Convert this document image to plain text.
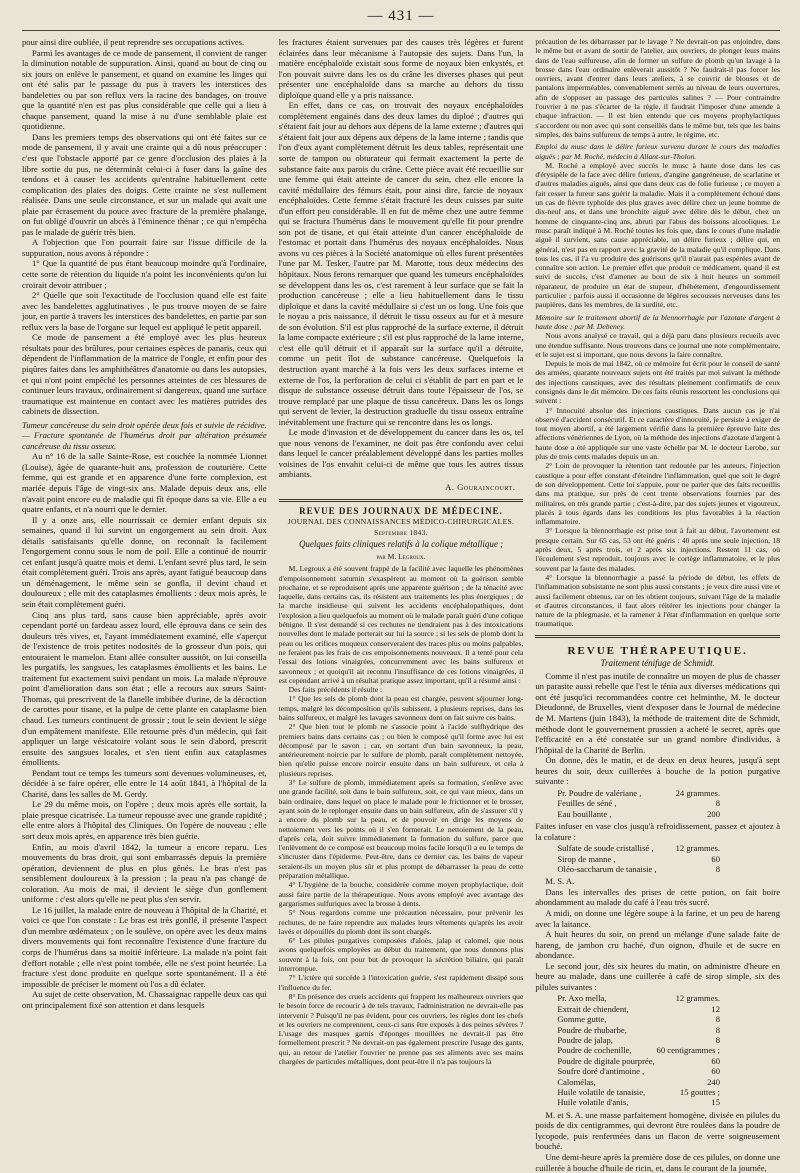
— 431 —

pour ainsi dire oubliée, il peut reprendre ses occupations actives.

Parmi les avantages de ce mode de pansement, il convient de ranger la diminution notable de suppuration. Ainsi, quand au bout de cinq ou six jours on enlève le pansement, et quand on examine les linges qui ont été salis par le passage du pus à travers les interstices des bandelettes ou par son reflux vers la racine des bandages, on trouve que la quantité n'en est pas plus considérable que celle qui a lieu à chaque pansement, quand la mise à nu d'une semblable plaie est quotidienne.

Dans les premiers temps des observations qui ont été faites sur ce mode de pansement, il y avait une crainte qui a dû nous préoccuper : c'est que l'obstacle apporté par ce genre d'occlusion des plaies à la libre sortie du pus, ne déterminât celui-ci à fuser dans la gaîne des tendons et à causer les accidents qu'entraîne habituellement cette complication des plaies des doigts. Cette crainte ne s'est nullement réalisée. Dans une seule circonstance, et sur un malade qui avait une plaie par écrasement du pouce avec fracture de la première phalange, on fut obligé d'ouvrir un abcès à l'éminence thénar ; ce qui n'empêcha pas le malade de guérir très bien.

A l'objection que l'on pourrait faire sur l'issue difficile de la suppuration, nous avons à répondre :

1° Que la quantité de pus étant beaucoup moindre qu'à l'ordinaire, cette sorte de rétention du liquide n'a point les inconvénients qu'on lui croirait devoir attribuer ;

2° Quelle que soit l'exactitude de l'occlusion quand elle est faite avec les bandelettes agglutinatives , le pus trouve moyen de se faire jour, en partie à travers les interstices des bandelettes, en partie par son reflux vers la base de l'organe sur lequel est appliqué le petit appareil.

Ce mode de pansement a été employé avec les plus heureux résultats pour des brûlures, pour certaines espèces de panaris, ceux qui dépendent de l'inflammation de la matrice de l'ongle, et enfin pour des piqûres faites dans les amphithéâtres d'anatomie ou dans les autopsies, et qui n'ont point empêché les personnes atteintes de ces blessures de continuer leurs travaux, ordinairement si dangereux, quand une surface traumatique est maintenue en contact avec les matières putrides des cabinets de dissection.

Tumeur cancéreuse du sein droit opérée deux fois et suivie de récidive. — Fracture spontanée de l'humérus droit par altération présumée cancéreuse du tissu osseux.

Au n° 16 de la salle Sainte-Rose, est couchée la nommée Lionnet (Louise), âgée de quarante-huit ans, profession de couturière. Cette femme, qui est grande et en apparence d'une forte complexion, est mariée depuis l'âge de vingt-six ans. Malade depuis deux ans, elle n'avait point encore eu de maladie qui fît époque dans sa vie. Elle a eu quatre enfants, et n'a nourri que le dernier.

Il y a onze ans, elle nourrissait ce dernier enfant depuis six semaines, quand il lui survint un engorgement au sein droit. Aux détails satisfaisants qu'elle donne, on reconnaît la facilement l'engorgement connu sous le nom de poil. Elle a continué de nourrir cet enfant jusqu'à quatre mois et demi. L'enfant sevré plus tard, le sein était complètement guéri. Trois ans après, ayant fatigué beaucoup dans un déménagement, le même sein se gonfla, il devint chaud et douloureux ; elle mit des cataplasmes émollients : deux mois après, le sein était complètement guéri.

Cinq ans plus tard, sans cause bien appréciable, après avoir cependant porté un fardeau assez lourd, elle éprouva dans ce sein des douleurs très vives, et, l'ayant immédiatement examiné, elle s'aperçut de l'existence de trois petites nodosités de la grosseur d'un pois, qui entouraient le mamelon. Etant allée consulter aussitôt, on lui conseilla les purgatifs, les sangsues, les cataplasmes émollients et les bains. Le traitement fut exactement suivi pendant un mois. La malade n'éprouve point d'amélioration dans son état ; elle a recours aux sœurs Saint-Thomas, qui prescrivent de la flanelle imbibée d'urine, de la décoction de carottes pour tisane, et la pulpe de cette plante en cataplasme bien chaud. Les tumeurs continuent de grossir ; tout le sein devient le siège d'un empâtement manifeste. Elle retourne près d'un médecin, qui fait appliquer un large vésicatoire volant sous le sein d'abord, prescrit ensuite des sangsues locales, et s'en tient enfin aux cataplasmes émollients.

Pendant tout ce temps les tumeurs sont devenues volumineuses, et, décidée à se faire opérer, elle entre le 14 août 1841, à l'hôpital de la Charité, dans les salles de M. Gerdy.

Le 29 du même mois, on l'opère ; deux mois après elle sortait, la plaie presque cicatrisée. La tumeur repousse avec une grande rapidité ; elle entre alors à l'hôpital des Cliniques. On l'opère de nouveau ; elle sort deux mois après, en apparence très bien guérie.

Enfin, au mois d'avril 1842, la tumeur a encore reparu. Les mouvements du bras droit, qui sont embarrassés depuis la première opération, deviennent de plus en plus gênés. Le bras n'est pas sensiblement douloureux à la pression ; la peau n'a pas changé de coloration. Au mois de mai, il devient le siège d'un gonflement uniforme : c'est alors qu'elle ne peut plus s'en servir.

Le 16 juillet, la malade entre de nouveau à l'hôpital de la Charité, et voici ce que l'on constate : Le bras est très gonflé, il présente l'aspect d'un membre œdémateux ; on le soulève, on opère avec les deux mains divers mouvements qui font reconnaître l'existence d'une fracture du corps de l'humérus dans sa moitié inférieure. La malade n'a point fait d'effort notable ; elle n'est point tombée, elle ne s'est point heurtée. La fracture s'est donc produite en quelque sorte spontanément. Il a été impossible de préciser le moment où l'os a dû éclater.

Au sujet de cette observation, M. Chassaignac rappelle deux cas qui ont principalement fixé son attention et dans lesquels

les fractures étaient survenues par des causes très légères et furent éclairées dans leur mécanisme à l'autopsie des sujets. Dans l'un, la matière encéphaloïde existait sous forme de noyaux bien enkystés, et l'on pouvait suivre dans les os du crâne les diverses phases qui peut présenter une encéphaloïde dans sa marche au dehors du tissu diploïque quand elle y a pris naissance.

En effet, dans ce cas, on trouvait des noyaux encéphaloïdes complètement engainés dans des deux lames du diploé ; d'autres qui s'étaient fait jour au dehors aux dépens de la lame externe ; d'autres qui s'étaient fait jour aux dépens aux dépens de la lame interne ; tandis que l'on d'eux ayant complètement détruit les deux tables, représentait une sorte de tampon ou obturateur qui fermait exactement la perte de substance faite aux parois du crâne. Cette pièce avait été recueillie sur une femme qui était atteinte de cancer du sein, chez elle encore la cavité médullaire des fémurs était, pour ainsi dire, farcie de noyaux encéphaloïdes. Cette femme s'était fracturé les deux cuisses par suite d'un effort peu considérable. Il en fut de même chez une autre femme qui se fractura l'humérus dans le mouvement qu'elle fit pour prendre son pot de tisane, et qui était atteinte d'un cancer encéphaloïde de l'estomac et portait dans l'humérus des noyaux encéphaloïdes. Nous avons vu ces pièces à la Société anatomique où elles furent présentées l'une par M. Tesker, l'autre par M. Marotte, tous deux médecins des hôpitaux. Nous ferons remarquer que quand les tumeurs encéphaloïdes se développent dans les os, c'est rarement à leur surface que se fait la production cancéreuse ; elle a lieu habituellement dans le tissu diploïque et dans la cavité médullaire si c'est un os long. Une fois que le noyau a pris naissance, il détruit le tissu osseux au fur et à mesure de son évolution. S'il est plus rapproché de la surface externe, il détruit la lame compacte extérieure ; s'il est plus rapproché de la lame interne, c'est elle qu'il détruit et il apparaît sur la surface qu'il a détruite, comme un petit îlot de substance cancéreuse. Quelquefois la destruction ayant marché à la fois vers les deux surfaces interne et externe de l'os, la perforation de celui ci s'établit de part en part et le disque de substance osseuse détruit dans toute l'épaisseur de l'os, se trouve remplacé par une plaque de tissu cancéreux. Dans les os longs qui servent de levier, la destruction graduelle du tissu osseux entraîne inévitablement une fracture qui se rencontre dans les os longs.

Le mode d'invasion et de développement du cancer dans les os, tel que nous venons de l'examiner, ne doit pas être confondu avec celui dans lequel le cancer préalablement développé dans les parties molles voisines de l'os envahit celui-ci de même que tous les autres tissus ambiants.

A. Gouraincourt.

REVUE DES JOURNAUX DE MÉDECINE.
JOURNAL DES CONNAISSANCES MÉDICO-CHIRURGICALES. Septembre 1843.
Quelques faits cliniques relatifs à la colique métallique ;
par M. Legroux.

M. Legroux a été souvent frappé de la facilité avec laquelle les phénomènes d'empoisonnement saturnin s'exaspèrent au moment où la guérison semble prochaine, et se reproduisent après une apparente guérison ; de la ténacité avec laquelle, dans certains cas, ils résistent aux traitements les plus énergiques ; de la marche insidieuse qui suivent les accidents encéphalopathiques, dont l'explosion a lieu quelquefois au moment où le malade paraît guéri d'une colique bénigne. Il s'est demandé si ces rechutes ne tiendraient pas à des intoxications nouvelles dont le malade porterait sur lui la source ; si les sels de plomb dont la peau ou les orifices muqueux conserveraient des traces plus ou moins palpables, ne feraient pas les frais de ces empoisonnements nouveaux. Il a tenté pour cela l'essai des lotions vinaigrées, concurremment avec les bains sulfureux et savonneux ; et quoiqu'il ait reconnu l'insuffisance de ces lotions vinaigrées, il est cependant arrivé à un résultat pratique assez important, qu'il a résumé ainsi :

Des faits précédents il résulte :

1° Que les sels de plomb dont la peau est chargée, peuvent séjourner long-temps, malgré les décomposition qu'ils subissent, à plusieurs reprises, dans les bains sulfureux, et malgré les lavages savonneux dont on fait suivre ces bains.

2° Que bien tout le plomb ne s'associe point à l'acide sulfhydrique des premiers bains dans certains cas ; ou bien le composé qu'il forme avec lui est décomposé par le savon ; car, en sortant d'un bain savonneux, la peau, antérieurement noircie par le sulfure de plomb, paraît complètement nettoyée, bien qu'elle puisse encore noircir ensuite dans un bain sulfureux, et cela à plusieurs reprises.

3° Le sulfure de plomb, immédiatement après sa formation, s'enlève avec une grande facilité, soit dans le bain sulfureux, soit, ce qui vaut mieux, dans un bain ordinaire, dans lequel on place le malade pour le frictionner et le brosser, ayant soin de le replonger ensuite dans un bain sulfureux, afin de s'assurer s'il y a encore du plomb sur la peau, et de pouvoir en dirige les moyens de nettoiement vers les points où il s'en formerait. Le nettoiement de la peau, d'après cela, doit suivre immédiatement la formation du sulfure, parce que l'enlèvement de ce composé est beaucoup moins facile lorsqu'il a eu le temps de s'incruster dans l'épiderme. Peut-être, dans ce dernier cas, les bains de vapeur seraient-ils un moyen plus sûr et plus prompt de débarrasser la peau de cette préparation métallique.

4° L'hygiène de la bouche, considérée comme moyen prophylactique, doit aussi faire partie de la thérapeutique. Nous avons employé avec avantage des gargarismes sulfuriques avec la brosse à dents.

5° Nous regardons comme une précaution nécessaire, pour prévenir les rechutes, de ne faire reprendre aux malades leurs vêtements qu'après les avoir lavés et dépouillés du plomb dont ils sont chargés.

6° Les pilules purgatives composées d'aloès, jalap et calomel, que nous avons quelquefois employées au début du traitement, que nous donnons plus souvent à la fois, ont pour but de provoquer la sécrétion biliaire, qui paraît interrompue.

7° L'ictère qui succède à l'intoxication guérie, s'est rapidement dissipé sous l'influence du fer.

8° En présence des cruels accidents qui frappent les malheureux ouvriers que le besoin force de recourir à de tels travaux, l'administration ne devrait-elle pas intervenir ? Puisqu'il ne pas évident, pour ces ouvriers, les règles dont les chefs et les ouvriers ne comprennent, ceux-ci sans être exposés à des peines sévères ? L'usage des masques garnis d'éponges mouillées ne devrait-il pas être formellement prescrit ? Ne devrait-on pas également prescrire l'usage des gants, qui, au retour de l'atelier l'ouvrier ne prenne pas ses aliments avec ses mains chargées de particules métalliques, dont peut-être il n'a pas toujours la

précaution de les débarrasser par le lavage ? Ne devrait-on pas enjoindre, dans le même but et avant de sortir de l'atelier, aux ouvriers, de plonger leurs mains dans de l'eau sulfureuse, afin de former un sulfure de plomb qu'un lavage à la brosse dans l'eau ordinaire enlèverait aussitôt ? Ne faudrait-il pas forcer les ouvriers, avant d'entrer dans leurs ateliers, à se couvrir de blouses et de pantalons imperméables, convenablement serrés au niveau de leurs ouvertures, afin de s'opposer au passage des particules salines ? — Pour contraindre l'ouvrier à ne pas s'écarter de la règle, il faudrait l'imposer d'une amende à chaque infraction. — Il est bien entendu que ces moyens prophylactiques s'accordent ou non avec qui sont conseillés dans le même but, tels que les bains simples, des bains sulfureux de temps à autre, le régime, etc.

Emploi du musc dans le délire furieux survenu durant le cours des maladies aiguës ; par M. Roché, médecin à Allant-sur-Tholon.

M. Roché a employé avec succès le musc à haute dose dans les cas d'érysipèle de la face avec délire furieux, d'angine gangréneuse, de scarlatine et d'autres maladies aiguës, ainsi que dans deux cas de folie furieuse ; ce moyen a fait cesser la fureur sans guérir la maladie. Mais il a complètement échoué dans un cas de fièvre typhoïde des plus graves avec délire chez un jeune homme de dix-neuf ans, et dans une bronchite aiguë avec délire dès le début, chez un homme de cinquante-cinq ans, abruti par l'abus des boissons alcooliques. Le musc paraît indiqué à M. Roché toutes les fois que, dans le cours d'une maladie aiguë il survient, sans cause appréciable, un délire furieux ; délire qui, en général, n'est pas en rapport avec la gravité de la maladie qu'il complique. Dans tous les cas, il l'a vu produire des guérisons qu'il n'aurait pas espérées avant de connaître son action. Le premier effet que produit ce médicament, quand il est suivi de succès, c'est d'amener au bout de six à huit heures un sommeil réparateur, de produire un état de stupeur, d'hébétement, d'engourdissement particulier ; parfois aussi il occasionne de légères secousses nerveuses dans les paupières, dans les membres, de la surdité, etc.

Mémoire sur le traitement abortif de la blennorrhagie par l'azotate d'argent à haute dose ; par M. Debeney.

Nous avons analysé ce travail, qui a déjà paru dans plusieurs recueils avec une étendue suffisante. Nous trouvons dans ce journal une note complémentaire, et le sujet est si important, que nous devons la faire connaître.

Depuis le mois de mai 1842, où ce mémoire fut écrit pour le conseil de santé des armées, quarante nouveaux sujets ont été traités par moi suivant la méthode des injections caustiques, avec des résultats pleinement confirmatifs de ceux consignés dans le dit mémoire. De ces faits réunis ressortent les conclusions qui suivent :

1° Innocuité absolue des injections caustiques. Dans aucun cas je n'ai observé d'accident consécutif. Et ce caractère d'innocuité, je persiste à exiger de tout moyen abortif, a été largement vérifié dans la première épreuve faite des affections vénériennes de Lyon, où la méthode des injections d'azotate d'argent à haute dose a été appliquée sur une vaste échelle par M. le docteur Lerobe, sur plus de trois cents malades depuis un an.

2° Loin de provoquer la rétention tant redoutée par les auteurs, l'injection caustique a pour effet constant d'éteindre l'inflammation, quel que soit le degré de son développement. Cette loi s'appuie, pour ne parler que des faits recueillis dans ma pratique, sur près de cent trente observations fournies par des militaires, en très grande partie ; c'est-à-dire, par des sujets jeunes et vigoureux, placés à tous égards dans les conditions les plus favorables à la réaction inflammatoire.

3° Lorsque la blennorrhagie est prise tout à fait au début, l'avortement est presque certain. Sur 65 cas, 53 ont été guéris : 40 après une seule injection, 18 après deux, 5 après trois, et 2 après six injections. Restent 11 cas, où l'écoulement s'est reproduit, toujours avec le cortège inflammatoire, et le plus souvent par la faute des malades.

4° Lorsque la blennorrhagie a passé la période de début, les effets de l'inflammation subsistante ne sont plus aussi constants ; je veux dire aussi vite et aussi facilement obtenus, car on les obtient toujours, suivant l'âge de la maladie et d'autres circonstances, il faut alors réitérer les injections pour changer la nature de la phlegmasie, et la ramener à l'état d'inflammation en quelque sorte traumatique.

REVUE THÉRAPEUTIQUE.
Traitement ténifuge de Schmidt.

Comme il n'est pas inutile de connaître un moyen de plus de chasser un parasite aussi rebelle que l'est le ténia aux diverses médications qui ont été jusqu'ici recommandées contre cet helminthe, M. le docteur Dieudonné, de Bruxelles, vient d'exposer dans le Journal de médecine de M. Martens (juin 1843), la méthode de traitement dite de Schmidt, méthode dont le gouvernement prussien a acheté le secret, après que l'efficacité en a été constatée sur un grand nombre d'individus, à l'hôpital de la Charité de Berlin.

On donne, dès le matin, et de deux en deux heures, jusqu'à sept heures du soir, deux cuillerées à bouche de la potion purgative suivante :

Pr. Poudre de valériane ,	24 grammes.
Feuilles de séné ,	8
Eau bouillante ,	200

Faites infuser en vase clos jusqu'à refroidissement, passez et ajoutez à la colature :

Sulfate de soude cristallisé ,	12 grammes.
Sirop de manne ,	60
Oléo-saccharum de tanaisie ,	8

M. S. A.

Dans les intervalles des prises de cette potion, on fait boire abondamment au malade du café à l'eau très sucré.

A midi, on donne une légère soupe à la farine, et un peu de hareng avec la laitance.

A huit heures du soir, on prend un mélange d'une salade faite de hareng, de jambon cru haché, d'un oignon, d'huile et de sucre en abondance.

Le second jour, dès six heures du matin, on administre d'heure en heure au malade, dans une cuillerée à café de sirop simple, six des pilules suivantes :

Pr. Axo mella,	12 grammes.
Extrait de chiendent,	12
Gomme gutte,	8
Poudre de rhubarbe,	8
Poudre de jalap,	8
Poudre de cochenille,	60 centigrammes ;
Poudre de digitale pourprée,	60
Soufre doré d'antimoine ,	60
Calomélas,	240
Huile volatile de tanaisie,	15 gouttes ;
Huile volatile d'anis,	15

M. et S. A. une masse parfaitement homogène, divisée en pilules du poids de dix centigrammes, qui devront être roulées dans la poudre de lycopode, puis renfermées dans un flacon de verre soigneusement bouché.

Une demi-heure après la première dose de ces pilules, on donne une cuillerée à bouche d'huile de ricin, et, dans le courant de la journée,
